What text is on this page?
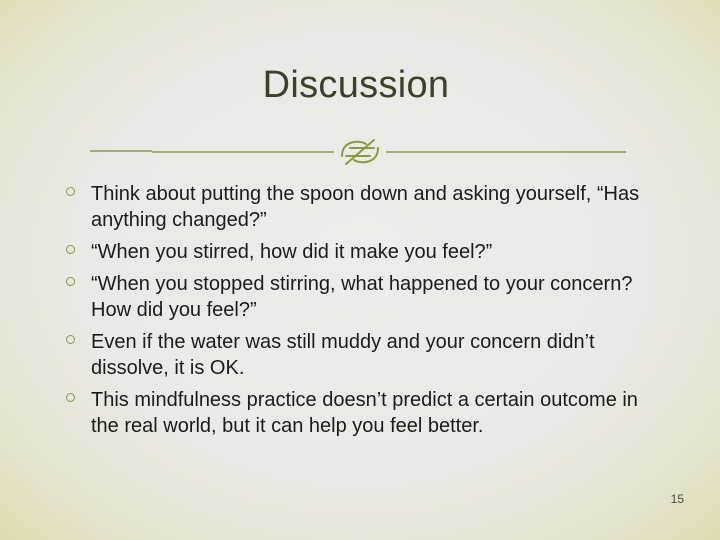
Discussion
Think about putting the spoon down and asking yourself, “Has anything changed?”
“When you stirred, how did it make you feel?”
“When you stopped stirring, what happened to your concern? How did you feel?”
Even if the water was still muddy and your concern didn’t dissolve, it is OK.
This mindfulness practice doesn’t predict a certain outcome in the real world, but it can help you feel better.
15
